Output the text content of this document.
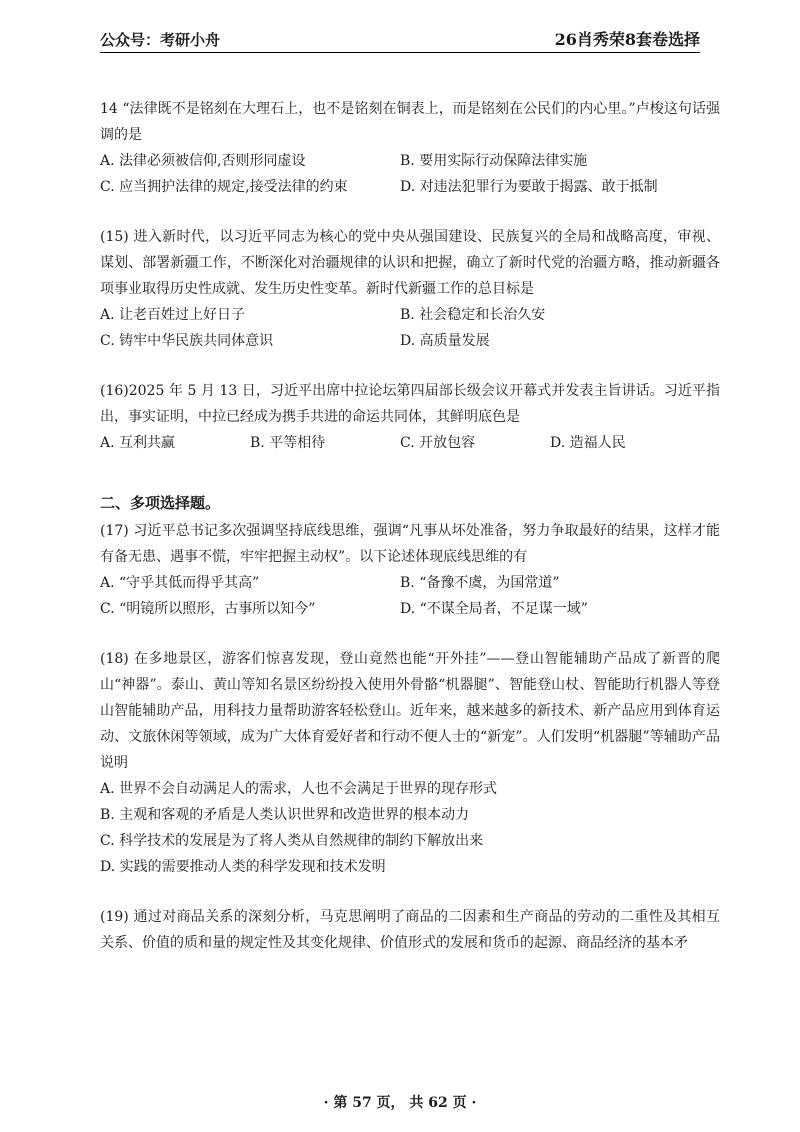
公众号：考研小舟	26肖秀荣8套卷选择
14 “法律既不是铭刻在大理石上，也不是铭刻在铜表上，而是铭刻在公民们的内心里。”卢梭这句话强调的是
A. 法律必须被信仰,否则形同虚设	B. 要用实际行动保障法律实施
C. 应当拥护法律的规定,接受法律的约束	D. 对违法犯罪行为要敢于揭露、敢于抵制
(15) 进入新时代，以习近平同志为核心的党中央从强国建设、民族复兴的全局和战略高度，审视、谋划、部署新疆工作，不断深化对治疆规律的认识和把握，确立了新时代党的治疆方略，推动新疆各项事业取得历史性成就、发生历史性变革。新时代新疆工作的总目标是
A. 让老百姓过上好日子	B. 社会稳定和长治久安
C. 铸牢中华民族共同体意识	D. 高质量发展
(16)2025 年 5 月 13 日，习近平出席中拉论坛第四届部长级会议开幕式并发表主旨讲话。习近平指出，事实证明，中拉已经成为携手共进的命运共同体，其鲜明底色是
A. 互利共赢	B. 平等相待	C. 开放包容	D. 造福人民
二、多项选择题。
(17) 习近平总书记多次强调坚持底线思维，强调“凡事从坏处准备，努力争取最好的结果，这样才能有备无患、遇事不慌，牢牢把握主动权”。以下论述体现底线思维的有
A. “守乎其低而得乎其高”	B. “备豫不虞，为国常道”
C. “明镜所以照形，古事所以知今”	D. “不谋全局者，不足谋一域”
(18) 在多地景区，游客们惊喜发现，登山竟然也能“开外挂”——登山智能辅助产品成了新晋的爬山“神器”。泰山、黄山等知名景区纷纷投入使用外骨骼“机器腿”、智能登山杖、智能助行机器人等登山智能辅助产品，用科技力量帮助游客轻松登山。近年来，越来越多的新技术、新产品应用到体育运动、文旅休闲等领域，成为广大体育爱好者和行动不便人士的“新宠”。人们发明“机器腿”等辅助产品说明
A. 世界不会自动满足人的需求，人也不会满足于世界的现存形式
B. 主观和客观的矛盾是人类认识世界和改造世界的根本动力
C. 科学技术的发展是为了将人类从自然规律的制约下解放出来
D. 实践的需要推动人类的科学发现和技术发明
(19) 通过对商品关系的深刻分析，马克思阐明了商品的二因素和生产商品的劳动的二重性及其相互关系、价值的质和量的规定性及其变化规律、价值形式的发展和货币的起源、商品经济的基本矛
· 第 57 页， 共 62 页 ·
